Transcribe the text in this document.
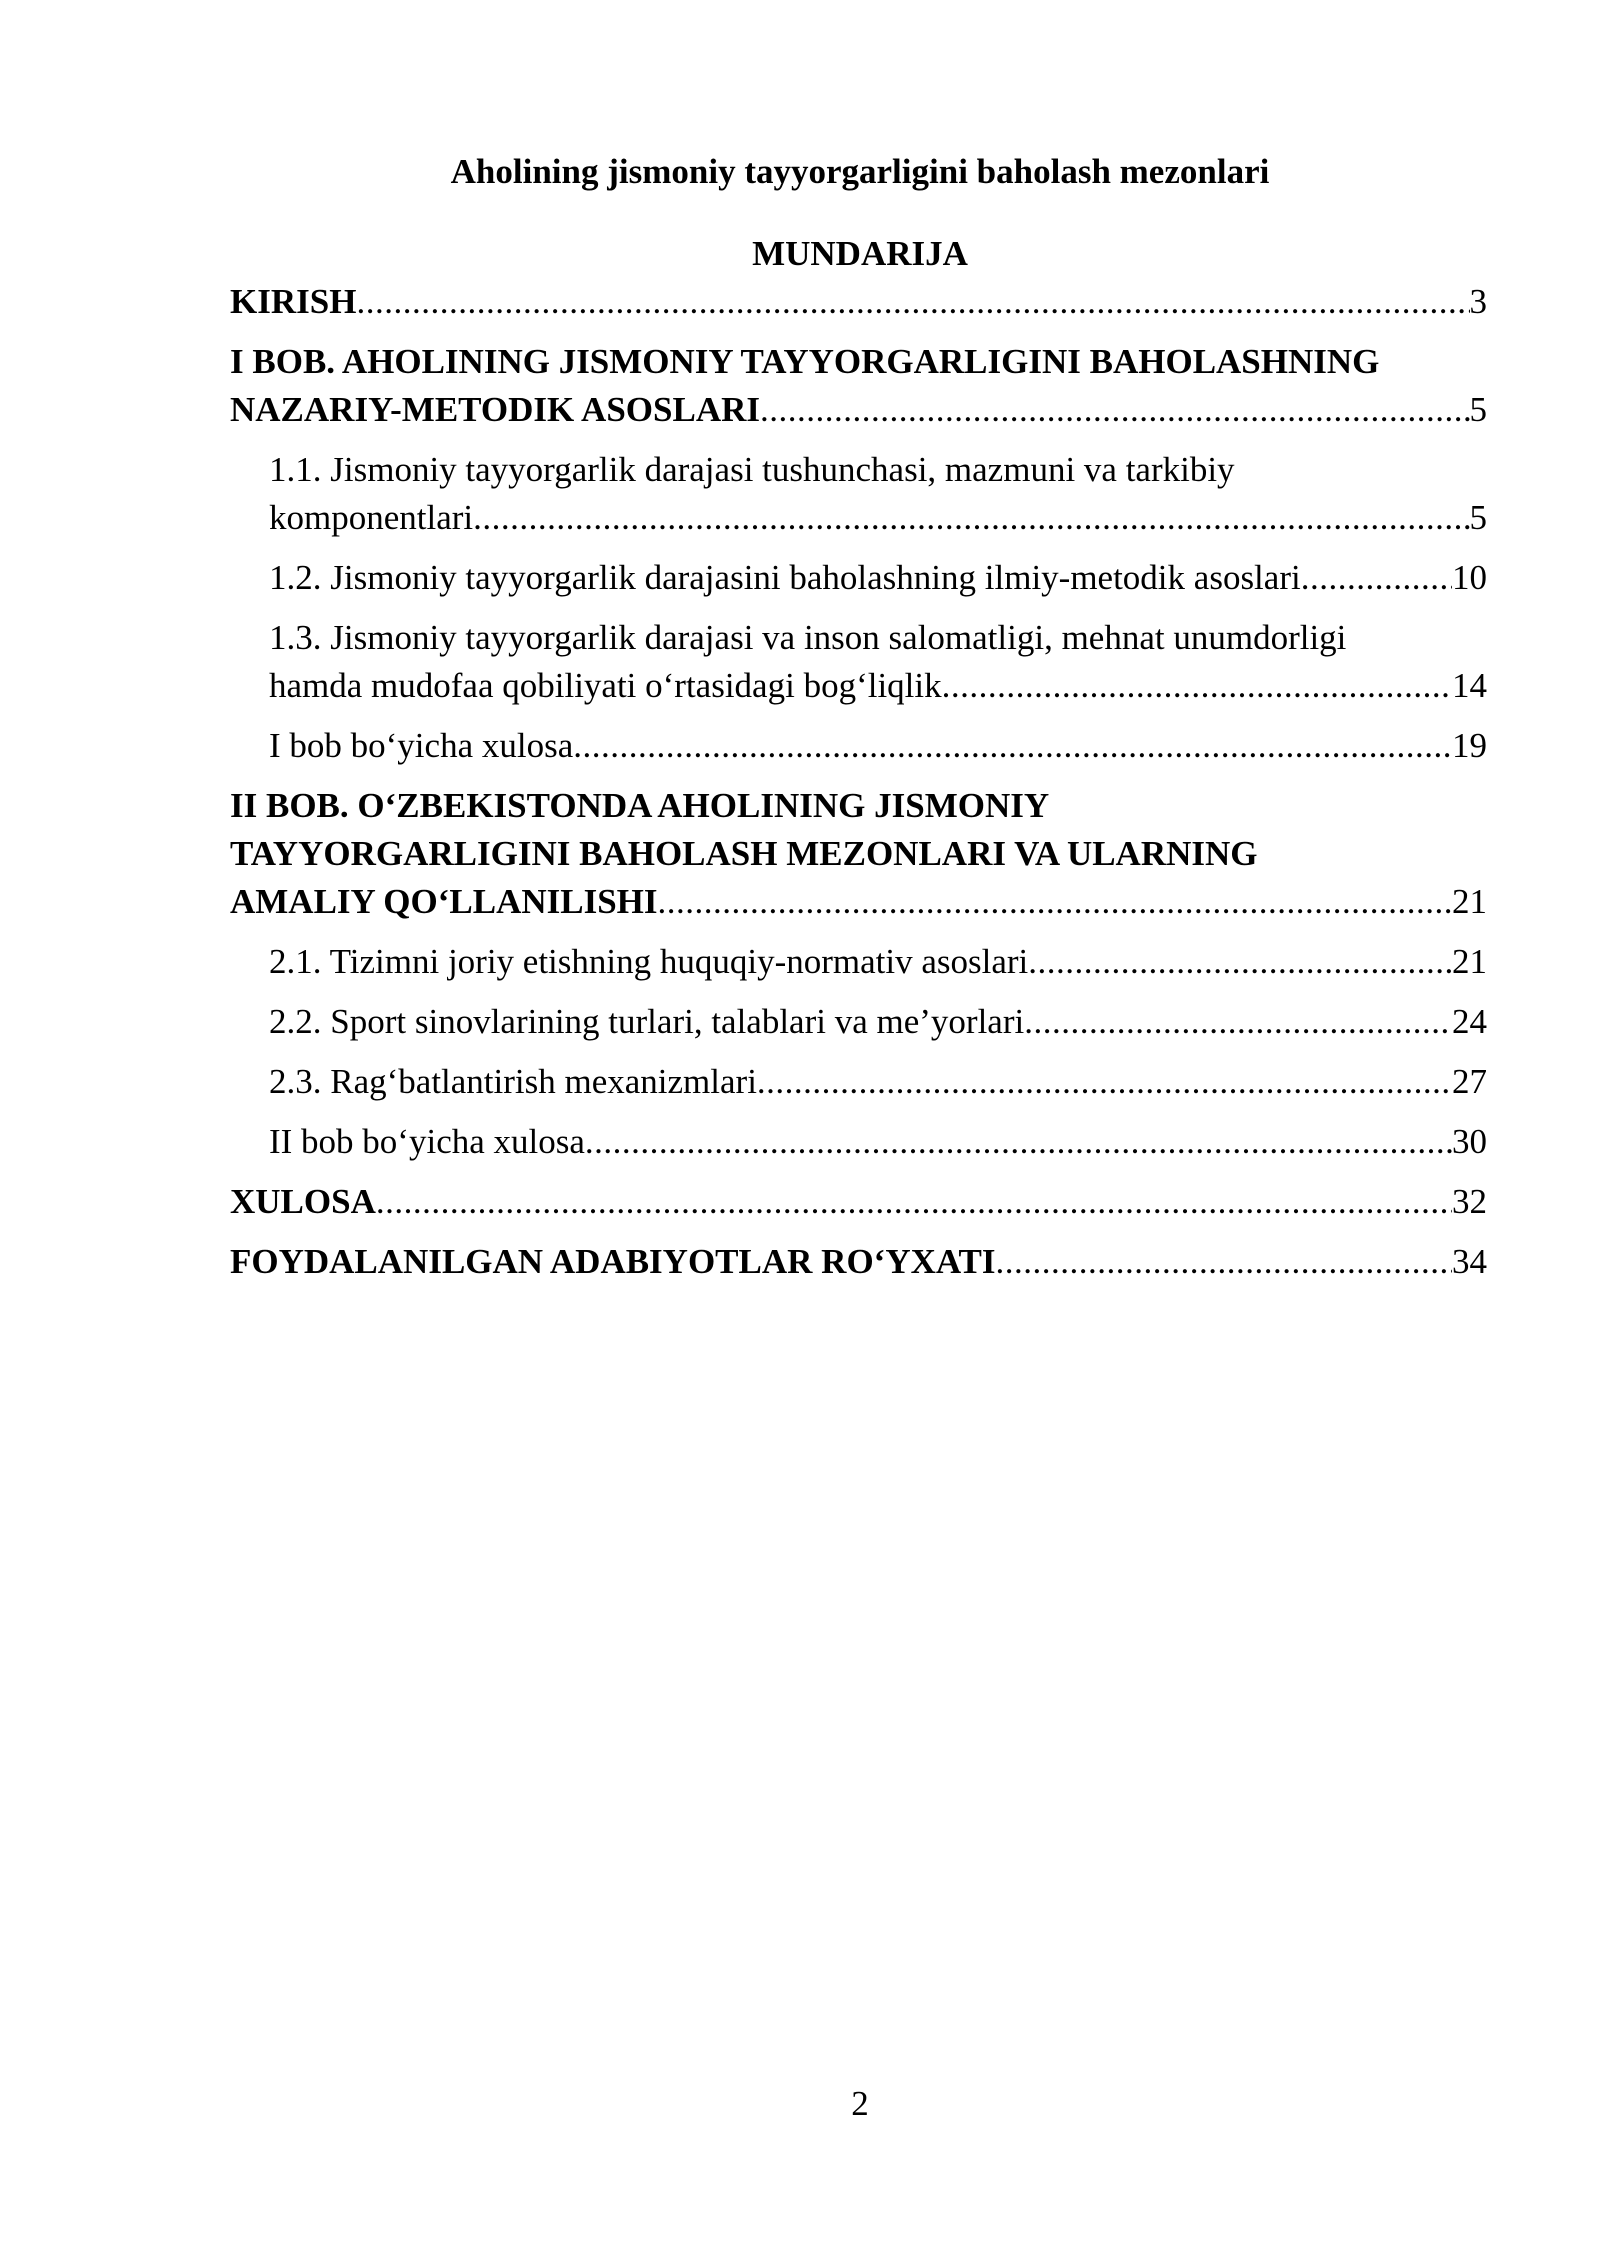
Aholining jismoniy tayyorgarligini baholash mezonlari
MUNDARIJA
KIRISH .....	3
I BOB. AHOLINING JISMONIY TAYYORGARLIGINI BAHOLASHNING
NAZARIY-METODIK ASOSLARI .....	5
1.1. Jismoniy tayyorgarlik darajasi tushunchasi, mazmuni va tarkibiy
komponentlari .....	5
1.2. Jismoniy tayyorgarlik darajasini baholashning ilmiy-metodik asoslari .....	10
1.3. Jismoniy tayyorgarlik darajasi va inson salomatligi, mehnat unumdorligi
hamda mudofaa qobiliyati o‘rtasidagi bog‘liqlik .....	14
I bob bo‘yicha xulosa .....	19
II BOB. O‘ZBEKISTONDA AHOLINING JISMONIY
TAYYORGARLIGINI BAHOLASH MEZONLARI VA ULARNING
AMALIY QO‘LLANILISHI .....	21
2.1. Tizimni joriy etishning huquqiy-normativ asoslari .....	21
2.2. Sport sinovlarining turlari, talablari va me’yorlari .....	24
2.3. Rag‘batlantirish mexanizmlari .....	27
II bob bo‘yicha xulosa .....	30
XULOSA .....	32
FOYDALANILGAN ADABIYOTLAR RO‘YXATI .....	34
2
